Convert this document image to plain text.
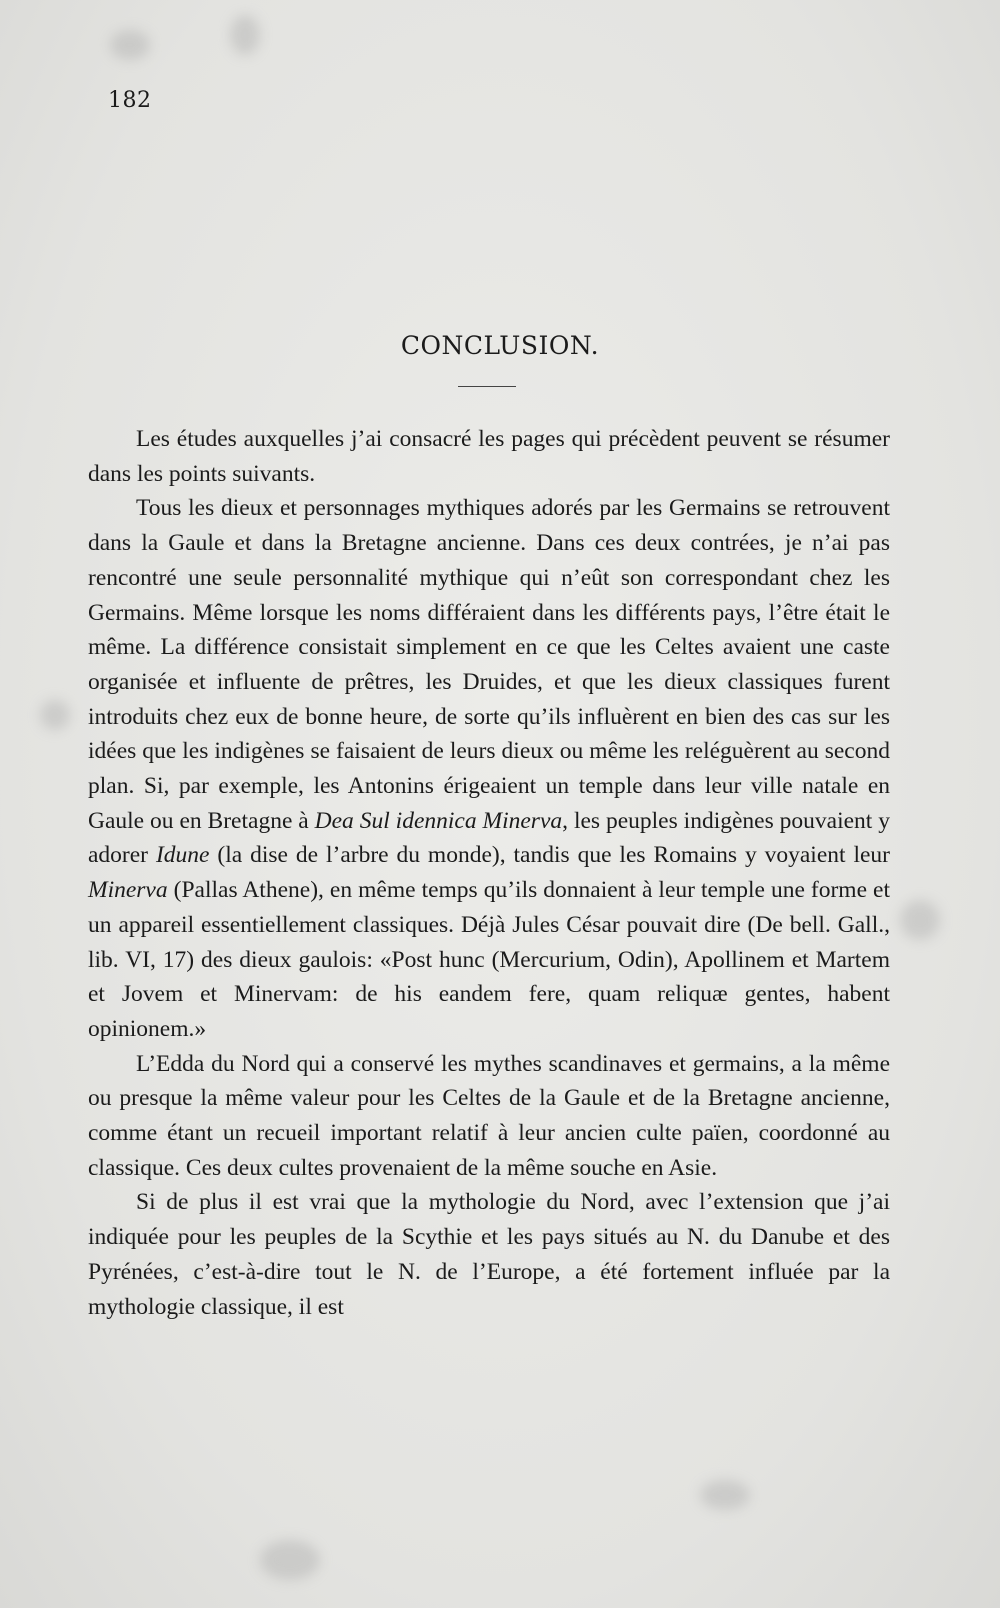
182
CONCLUSION.

Les études auxquelles j’ai consacré les pages qui précèdent peuvent se résumer dans les points suivants.

Tous les dieux et personnages mythiques adorés par les Germains se retrouvent dans la Gaule et dans la Bretagne ancienne. Dans ces deux contrées, je n’ai pas rencontré une seule personnalité mythique qui n’eût son correspondant chez les Germains. Même lorsque les noms différaient dans les différents pays, l’être était le même. La différence consistait simplement en ce que les Celtes avaient une caste organisée et influente de prêtres, les Druides, et que les dieux classiques furent introduits chez eux de bonne heure, de sorte qu’ils influèrent en bien des cas sur les idées que les indigènes se faisaient de leurs dieux ou même les reléguèrent au second plan. Si, par exemple, les Antonins érigeaient un temple dans leur ville natale en Gaule ou en Bretagne à Dea Sul idennica Minerva, les peuples indigènes pouvaient y adorer Idune (la dise de l’arbre du monde), tandis que les Romains y voyaient leur Minerva (Pallas Athene), en même temps qu’ils donnaient à leur temple une forme et un appareil essentiellement classiques. Déjà Jules César pouvait dire (De bell. Gall., lib. VI, 17) des dieux gaulois: «Post hunc (Mercurium, Odin), Apollinem et Martem et Jovem et Minervam: de his eandem fere, quam reliquæ gentes, habent opinionem.»

L’Edda du Nord qui a conservé les mythes scandinaves et germains, a la même ou presque la même valeur pour les Celtes de la Gaule et de la Bretagne ancienne, comme étant un recueil important relatif à leur ancien culte païen, coordonné au classique. Ces deux cultes provenaient de la même souche en Asie.

Si de plus il est vrai que la mythologie du Nord, avec l’extension que j’ai indiquée pour les peuples de la Scythie et les pays situés au N. du Danube et des Pyrénées, c’est-à-dire tout le N. de l’Europe, a été fortement influée par la mythologie classique, il est
